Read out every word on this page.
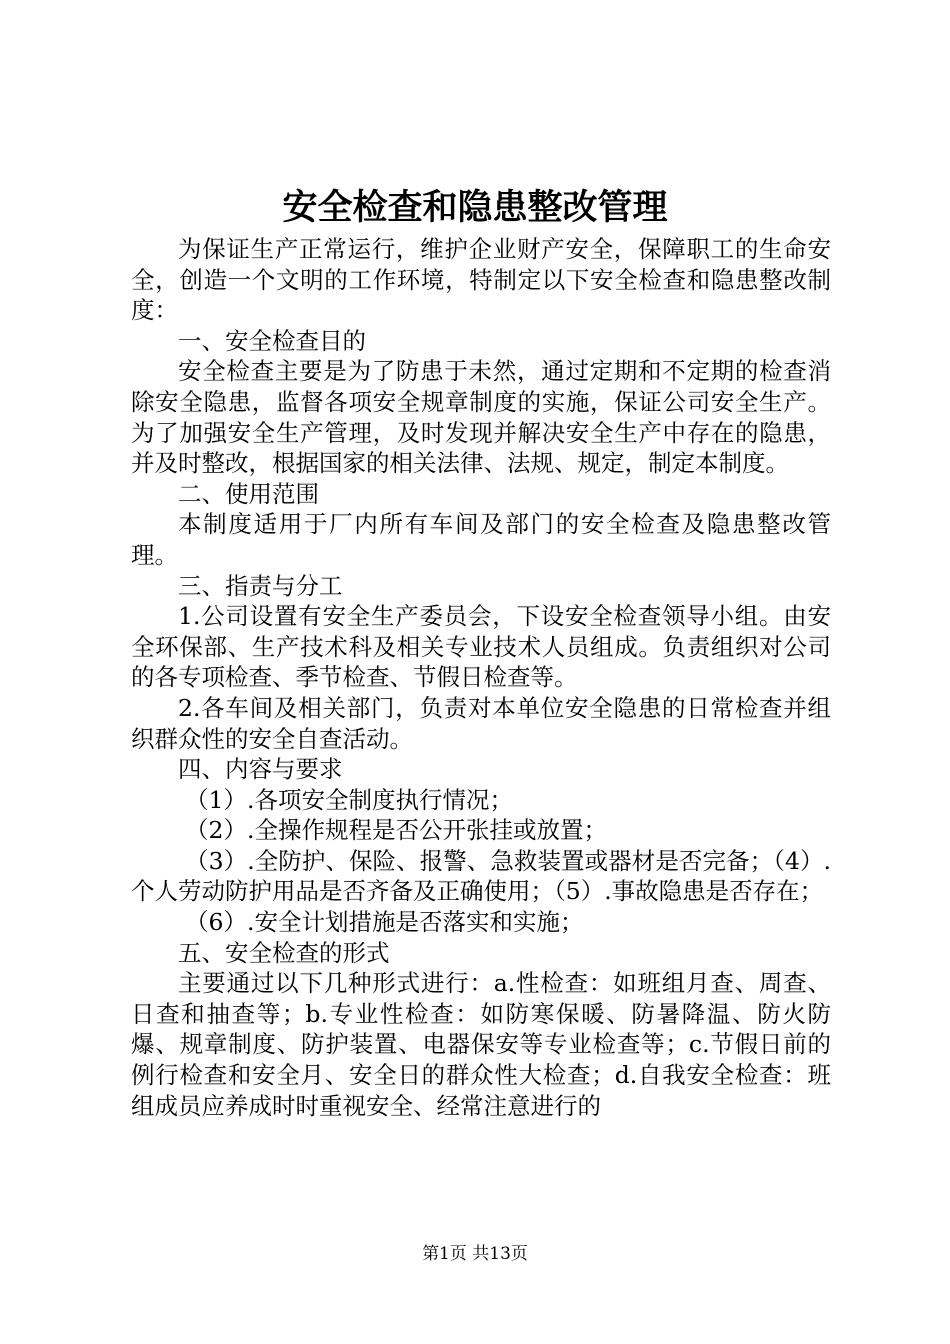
安全检查和隐患整改管理

为保证生产正常运行，维护企业财产安全，保障职工的生命安全，创造一个文明的工作环境，特制定以下安全检查和隐患整改制度：

一、安全检查目的

安全检查主要是为了防患于未然，通过定期和不定期的检查消除安全隐患，监督各项安全规章制度的实施，保证公司安全生产。为了加强安全生产管理，及时发现并解决安全生产中存在的隐患，并及时整改，根据国家的相关法律、法规、规定，制定本制度。

二、使用范围

本制度适用于厂内所有车间及部门的安全检查及隐患整改管理。

三、指责与分工

1.公司设置有安全生产委员会，下设安全检查领导小组。由安全环保部、生产技术科及相关专业技术人员组成。负责组织对公司的各专项检查、季节检查、节假日检查等。

2.各车间及相关部门，负责对本单位安全隐患的日常检查并组织群众性的安全自查活动。

四、内容与要求

（1）.各项安全制度执行情况；

（2）.全操作规程是否公开张挂或放置；

（3）.全防护、保险、报警、急救装置或器材是否完备；（4）.个人劳动防护用品是否齐备及正确使用；（5）.事故隐患是否存在；

（6）.安全计划措施是否落实和实施；

五、安全检查的形式

主要通过以下几种形式进行：a.性检查：如班组月查、周查、日查和抽查等；b.专业性检查：如防寒保暖、防暑降温、防火防爆、规章制度、防护装置、电器保安等专业检查等；c.节假日前的例行检查和安全月、安全日的群众性大检查；d.自我安全检查：班组成员应养成时时重视安全、经常注意进行的

第1页 共13页
